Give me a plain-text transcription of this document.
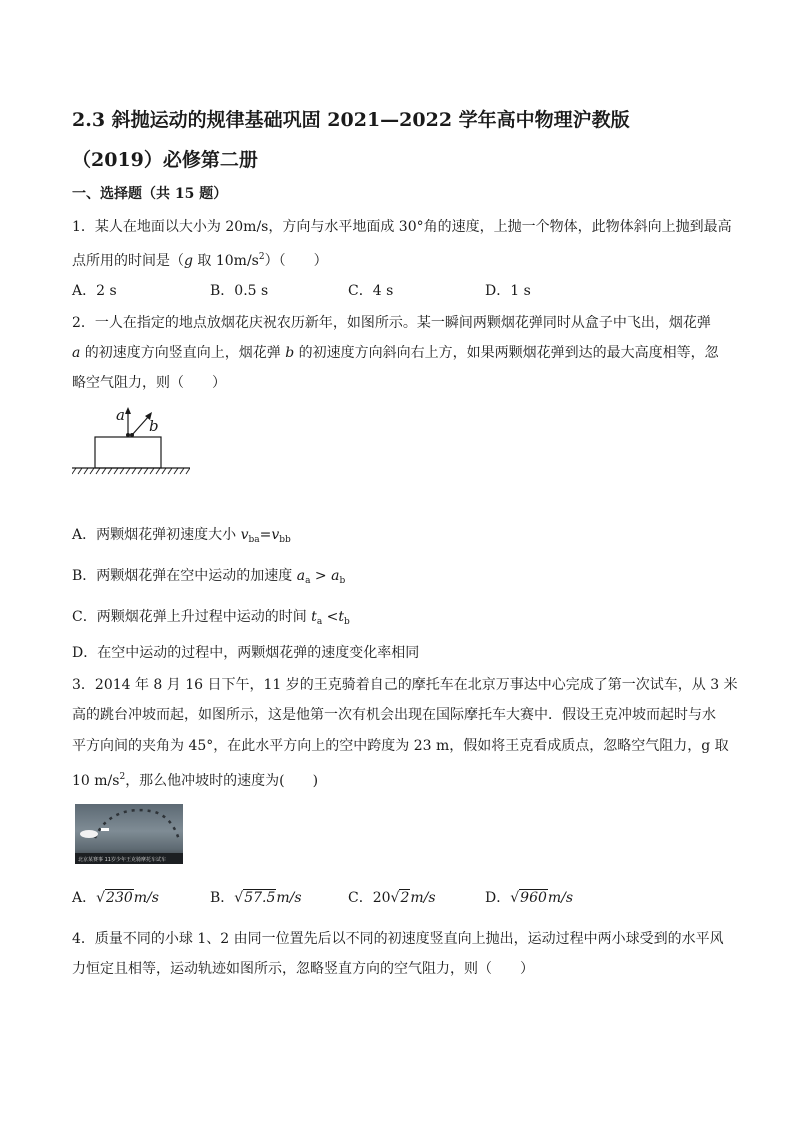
2.3 斜抛运动的规律基础巩固 2021—2022 学年高中物理沪教版
（2019）必修第二册
一、选择题（共 15 题）
1．某人在地面以大小为 20m/s，方向与水平地面成 30°角的速度，上抛一个物体，此物体斜向上抛到最高
点所用的时间是（g 取 $10m/s^2$）（　　）
A．2 s	B．0.5 s	C．4 s	D．1 s
2．一人在指定的地点放烟花庆祝农历新年，如图所示。某一瞬间两颗烟花弹同时从盒子中飞出，烟花弹
a 的初速度方向竖直向上，烟花弹 b 的初速度方向斜向右上方，如果两颗烟花弹到达的最大高度相等，忽
略空气阻力，则（　　）
a
b
A．两颗烟花弹初速度大小 $v_{ba}=v_{bb}$
B．两颗烟花弹在空中运动的加速度 $a_a > a_b$
C．两颗烟花弹上升过程中运动的时间 $t_a <t_b$
D．在空中运动的过程中，两颗烟花弹的速度变化率相同
3．2014 年 8 月 16 日下午，11 岁的王克骑着自己的摩托车在北京万事达中心完成了第一次试车，从 3 米
高的跳台冲坡而起，如图所示，这是他第一次有机会出现在国际摩托车大赛中．假设王克冲坡而起时与水
平方向间的夹角为 45°，在此水平方向上的空中跨度为 23 m，假如将王克看成质点，忽略空气阻力，g 取
10 $m/s^2$，那么他冲坡时的速度为(　　)
北京某赛事 11岁少年王克骑摩托车试车
A．√230m/s	B．√57.5m/s	C．20√2m/s	D．√960m/s
4．质量不同的小球 1、2 由同一位置先后以不同的初速度竖直向上抛出，运动过程中两小球受到的水平风
力恒定且相等，运动轨迹如图所示，忽略竖直方向的空气阻力，则（　　）
